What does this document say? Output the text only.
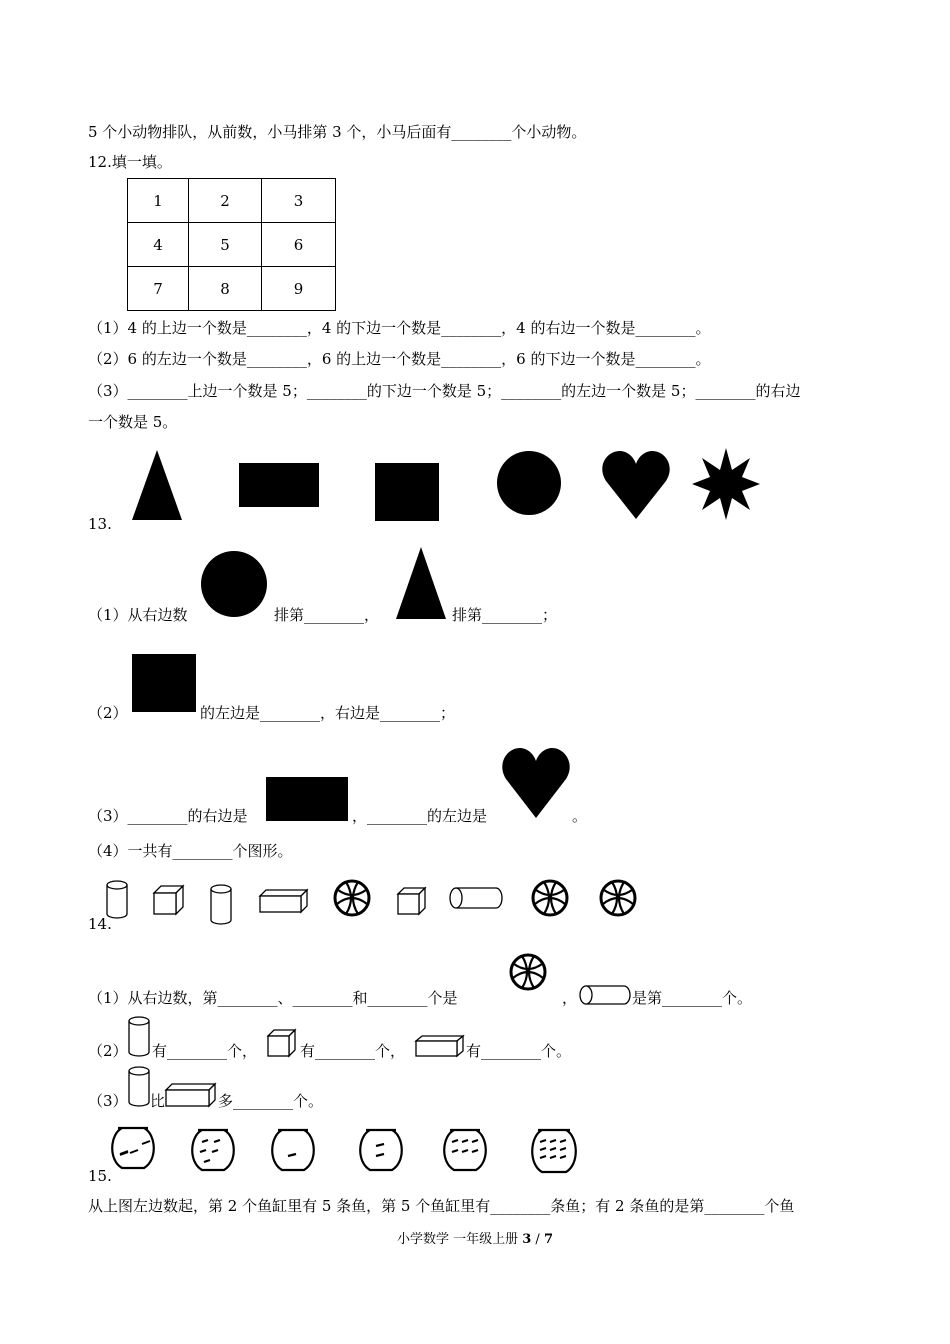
5 个小动物排队，从前数，小马排第 3 个，小马后面有________个小动物。
12.填一填。
1	2	3
4	5	6
7	8	9
（1）4 的上边一个数是________，4 的下边一个数是________，4 的右边一个数是________。
（2）6 的左边一个数是________，6 的上边一个数是________，6 的下边一个数是________。
（3）________上边一个数是 5；________的下边一个数是 5；________的左边一个数是 5；________的右边
一个数是 5。
13.
（1）从右边数	排第________，	排第________；
（2）	的左边是________，右边是________；
（3）________的右边是	，________的左边是	。
（4）一共有________个图形。
14.
（1）从右边数，第________、________和________个是	，	是第________个。
（2） 有________个，	有________个，	有________个。
（3） 比	多________个。
15.
从上图左边数起，第 2 个鱼缸里有 5 条鱼，第 5 个鱼缸里有________条鱼；有 2 条鱼的是第________个鱼
小学数学 一年级上册 3 / 7
